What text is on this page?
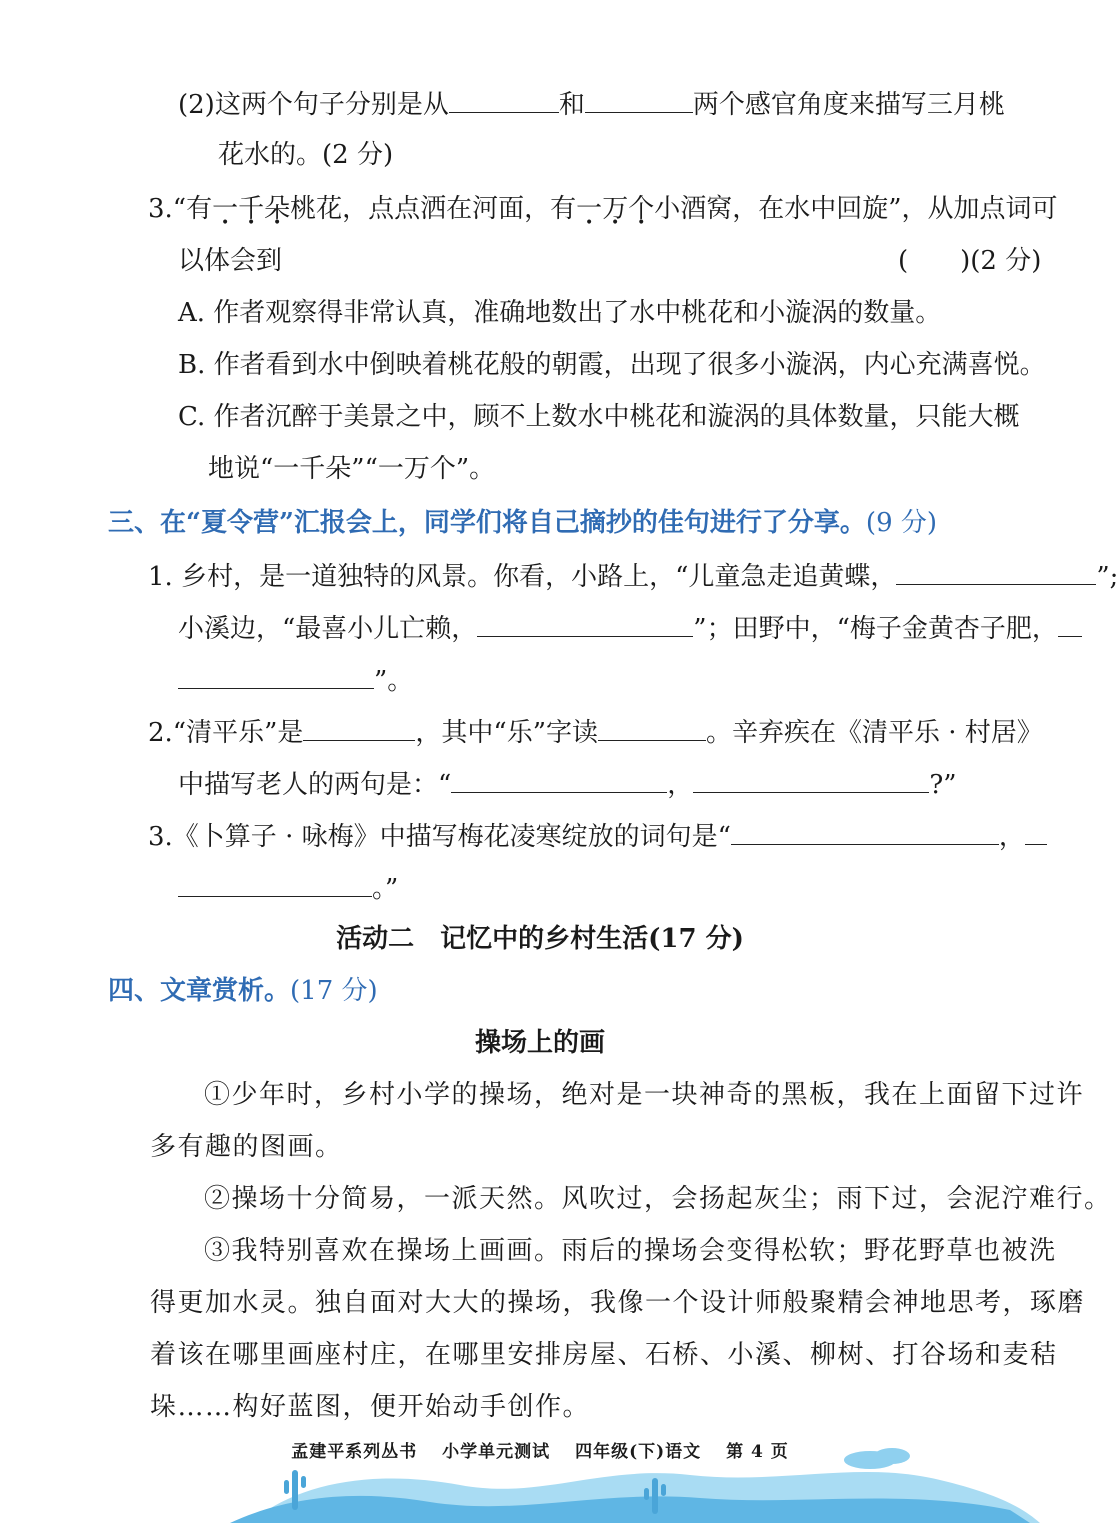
(2)这两个句子分别是从	和	两个感官角度来描写三月桃
花水的。(2 分)
3.“有一千朵桃花，点点洒在河面，有一万个小酒窝，在水中回旋”，从加点词可
以体会到	(　　)(2 分)
A. 作者观察得非常认真，准确地数出了水中桃花和小漩涡的数量。
B. 作者看到水中倒映着桃花般的朝霞，出现了很多小漩涡，内心充满喜悦。
C. 作者沉醉于美景之中，顾不上数水中桃花和漩涡的具体数量，只能大概
地说“一千朵”“一万个”。
三、在“夏令营”汇报会上，同学们将自己摘抄的佳句进行了分享。(9 分)
1. 乡村，是一道独特的风景。你看，小路上，“儿童急走追黄蝶，	”;
小溪边，“最喜小儿亡赖，	”；田野中，“梅子金黄杏子肥，
”。
2.“清平乐”是	，其中“乐”字读	。辛弃疾在《清平乐 · 村居》
中描写老人的两句是：“	，	?”
3.《卜算子 · 咏梅》中描写梅花凌寒绽放的词句是“	，
。”
活动二　记忆中的乡村生活(17 分)
四、文章赏析。(17 分)
操场上的画
①少年时，乡村小学的操场，绝对是一块神奇的黑板，我在上面留下过许
多有趣的图画。
②操场十分简易，一派天然。风吹过，会扬起灰尘；雨下过，会泥泞难行。
③我特别喜欢在操场上画画。雨后的操场会变得松软；野花野草也被洗
得更加水灵。独自面对大大的操场，我像一个设计师般聚精会神地思考，琢磨
着该在哪里画座村庄，在哪里安排房屋、石桥、小溪、柳树、打谷场和麦秸
垛……构好蓝图，便开始动手创作。
孟建平系列丛书 小学单元测试 四年级(下)语文 第 4 页
